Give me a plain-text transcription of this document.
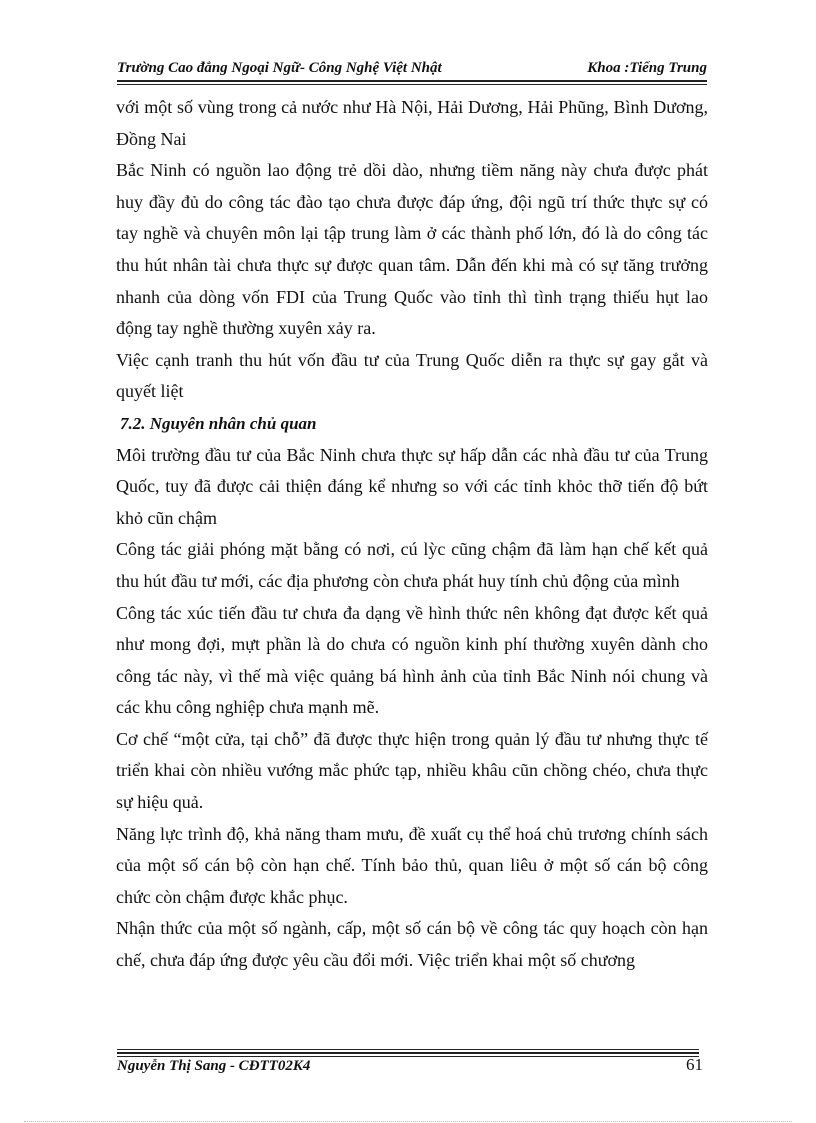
Trường Cao đẳng Ngoại Ngữ- Công Nghệ Việt Nhật	Khoa :Tiếng Trung

với một số vùng trong cả nước như Hà Nội, Hải Dương, Hải Phũng, Bình Dương, Đồng Nai

Bắc Ninh có nguồn lao động trẻ dồi dào, nhưng tiềm năng này chưa được phát huy đầy đủ do công tác đào tạo chưa được đáp ứng, đội ngũ trí thức thực sự có tay nghề và chuyên môn lại tập trung làm ở các thành phố lớn, đó là do công tác thu hút nhân tài chưa thực sự được quan tâm. Dẫn đến khi mà có sự tăng trưởng nhanh của dòng vốn FDI của Trung Quốc vào tỉnh thì tình trạng thiếu hụt lao động tay nghề thường xuyên xảy ra.

Việc cạnh tranh thu hút vốn đầu tư của Trung Quốc diễn ra thực sự gay gắt và quyết liệt

7.2. Nguyên nhân chủ quan

Môi trường đầu tư của Bắc Ninh chưa thực sự hấp dẫn các nhà đầu tư của Trung Quốc, tuy đã được cải thiện đáng kể nhưng so với các tỉnh khỏc thỡ tiến độ bứt khỏ cũn chậm

Công tác giải phóng mặt bằng có nơi, cú lỳc cũng chậm đã làm hạn chế kết quả thu hút đầu tư mới, các địa phương còn chưa phát huy tính chủ động của mình

Công tác xúc tiến đầu tư chưa đa dạng về hình thức nên không đạt được kết quả như mong đợi, mựt phần là do chưa có nguồn kinh phí thường xuyên dành cho công tác này, vì thế mà việc quảng bá hình ảnh của tỉnh Bắc Ninh nói chung và các khu công nghiệp chưa mạnh mẽ.

Cơ chế “một cửa, tại chỗ” đã được thực hiện trong quản lý đầu tư nhưng thực tế triển khai còn nhiều vướng mắc phức tạp, nhiều khâu cũn chồng chéo, chưa thực sự hiệu quả.

Năng lực trình độ, khả năng tham mưu, đề xuất cụ thể hoá chủ trương chính sách của một số cán bộ còn hạn chế. Tính bảo thủ, quan liêu ở một số cán bộ công chức còn chậm được khắc phục.

Nhận thức của một số ngành, cấp, một số cán bộ về công tác quy hoạch còn hạn chế, chưa đáp ứng được yêu cầu đổi mới. Việc triển khai một số chương

Nguyễn Thị Sang - CĐTT02K4	61
